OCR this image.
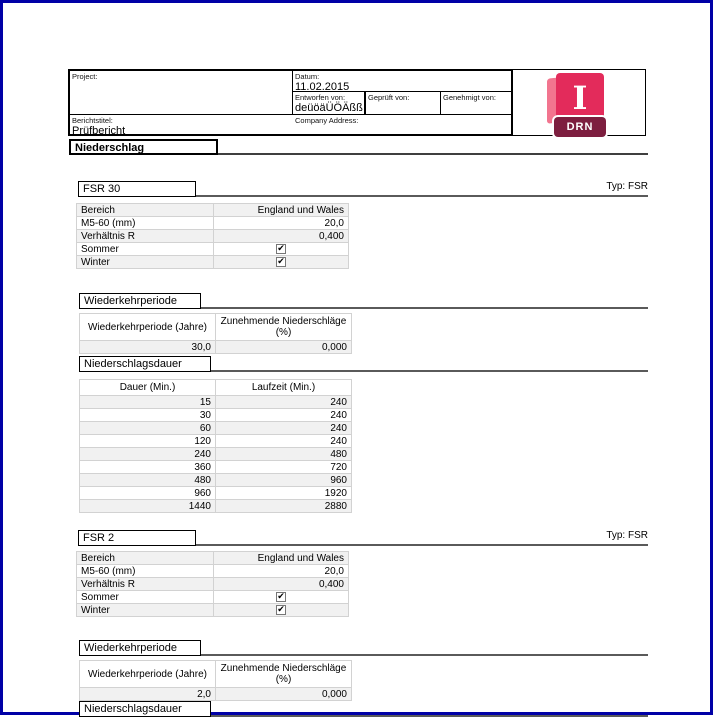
Project:
Berichtstitel:
Prüfbericht
Datum:
11.02.2015
Entworfen von:
deüöäÜÖÄßß
Geprüft von:	Genehmigt von:
Company Address:
I
DRN
Niederschlag
FSR 30	Typ: FSR
Bereich	England und Wales
M5-60 (mm)	20,0
Verhältnis R	0,400
Sommer	✔
Winter	✔
Wiederkehrperiode
Wiederkehrperiode (Jahre)	Zunehmende Niederschläge (%)
30,0	0,000
Niederschlagsdauer
Dauer (Min.)	Laufzeit (Min.)
15	240
30	240
60	240
120	240
240	480
360	720
480	960
960	1920
1440	2880
FSR 2	Typ: FSR
Bereich	England und Wales
M5-60 (mm)	20,0
Verhältnis R	0,400
Sommer	✔
Winter	✔
Wiederkehrperiode
Wiederkehrperiode (Jahre)	Zunehmende Niederschläge (%)
2,0	0,000
Niederschlagsdauer
